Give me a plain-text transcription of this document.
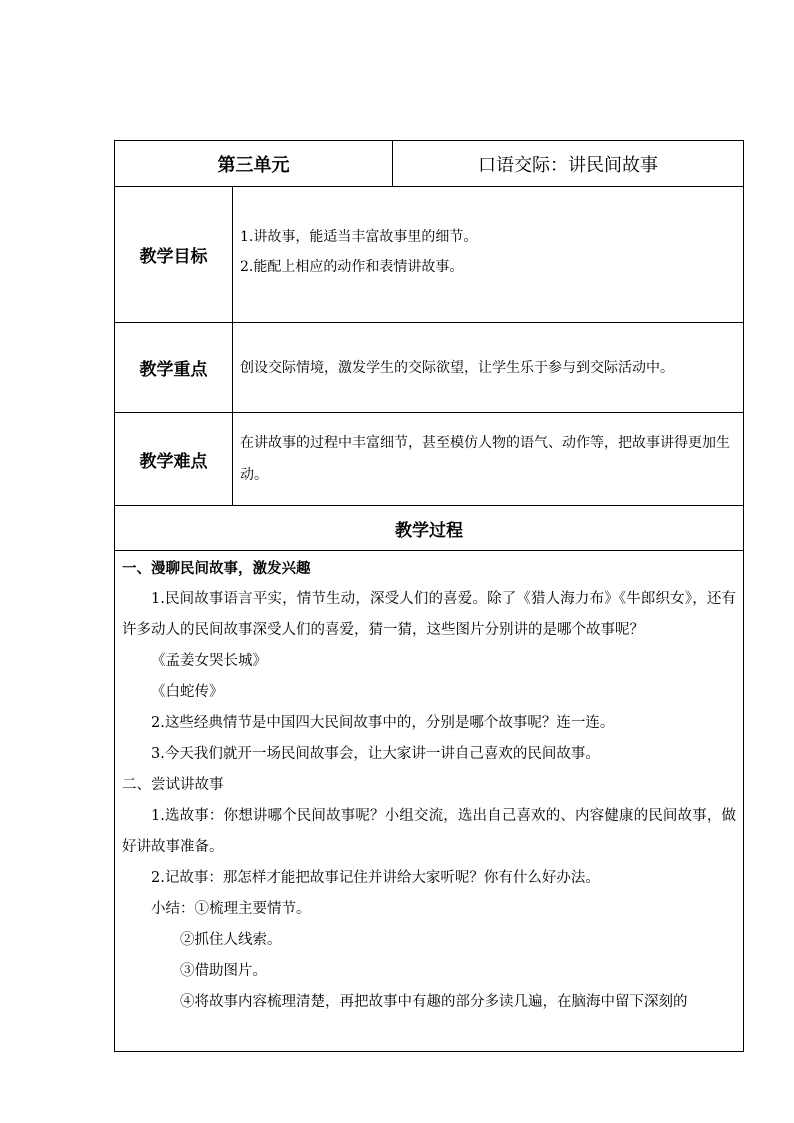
第三单元	口语交际：讲民间故事
教学目标
1.讲故事，能适当丰富故事里的细节。
2.能配上相应的动作和表情讲故事。
教学重点 创设交际情境，激发学生的交际欲望，让学生乐于参与到交际活动中。
教学难点
在讲故事的过程中丰富细节，甚至模仿人物的语气、动作等，把故事讲得更加生动。
教学过程
一、漫聊民间故事，激发兴趣
1.民间故事语言平实，情节生动，深受人们的喜爱。除了《猎人海力布》《牛郎织女》，还有许多动人的民间故事深受人们的喜爱，猜一猜，这些图片分别讲的是哪个故事呢？
《孟姜女哭长城》
《白蛇传》
2.这些经典情节是中国四大民间故事中的，分别是哪个故事呢？连一连。
3.今天我们就开一场民间故事会，让大家讲一讲自己喜欢的民间故事。
二、尝试讲故事
1.选故事：你想讲哪个民间故事呢？小组交流，选出自己喜欢的、内容健康的民间故事，做好讲故事准备。
2.记故事：那怎样才能把故事记住并讲给大家听呢？你有什么好办法。
小结：①梳理主要情节。
②抓住人线索。
③借助图片。
④将故事内容梳理清楚，再把故事中有趣的部分多读几遍，在脑海中留下深刻的
